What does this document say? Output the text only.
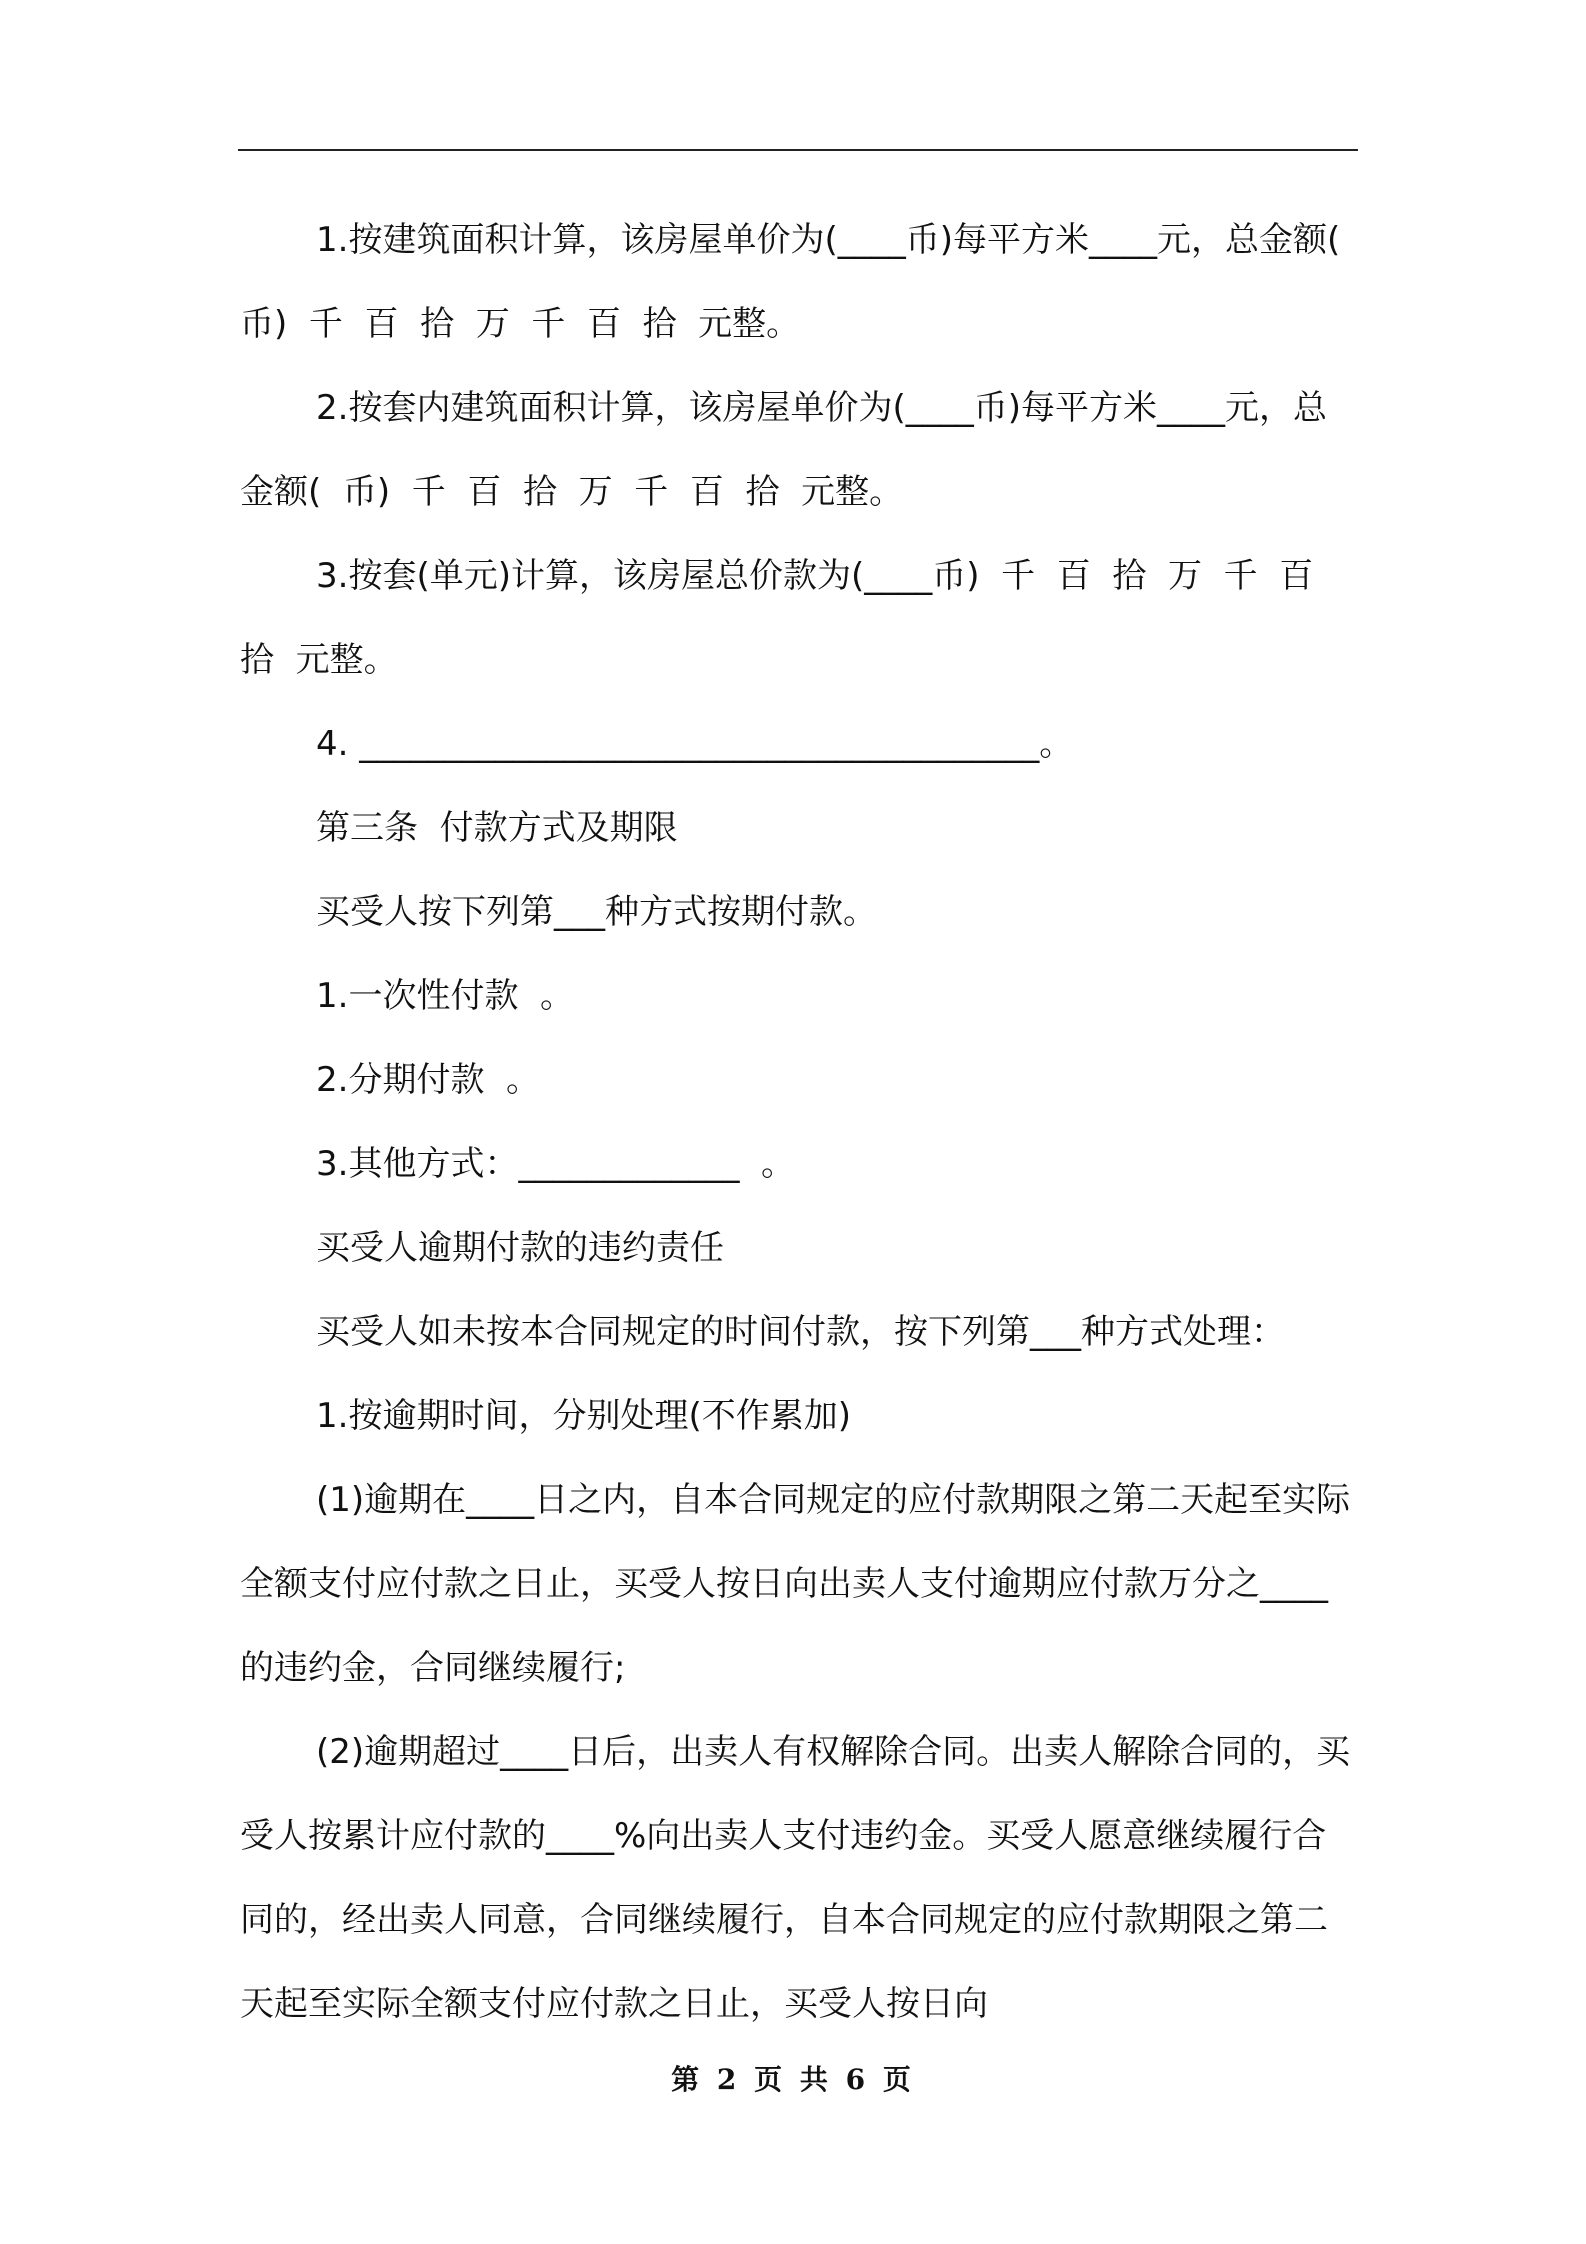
1.按建筑面积计算，该房屋单价为(____币)每平方米____元，总金额(  币)  千  百  拾  万  千  百  拾  元整。

2.按套内建筑面积计算，该房屋单价为(____币)每平方米____元，总金额(  币)  千  百  拾  万  千  百  拾  元整。

3.按套(单元)计算，该房屋总价款为(____币)  千  百  拾  万  千  百  拾  元整。

4. ________________________________________。

第三条  付款方式及期限

买受人按下列第___种方式按期付款。

1.一次性付款  。

2.分期付款  。

3.其他方式：_____________  。

买受人逾期付款的违约责任

买受人如未按本合同规定的时间付款，按下列第___种方式处理：

1.按逾期时间，分别处理(不作累加)

(1)逾期在____日之内，自本合同规定的应付款期限之第二天起至实际全额支付应付款之日止，买受人按日向出卖人支付逾期应付款万分之____的违约金，合同继续履行;

(2)逾期超过____日后，出卖人有权解除合同。出卖人解除合同的，买受人按累计应付款的____%向出卖人支付违约金。买受人愿意继续履行合同的，经出卖人同意，合同继续履行，自本合同规定的应付款期限之第二天起至实际全额支付应付款之日止，买受人按日向

第 2 页 共 6 页
